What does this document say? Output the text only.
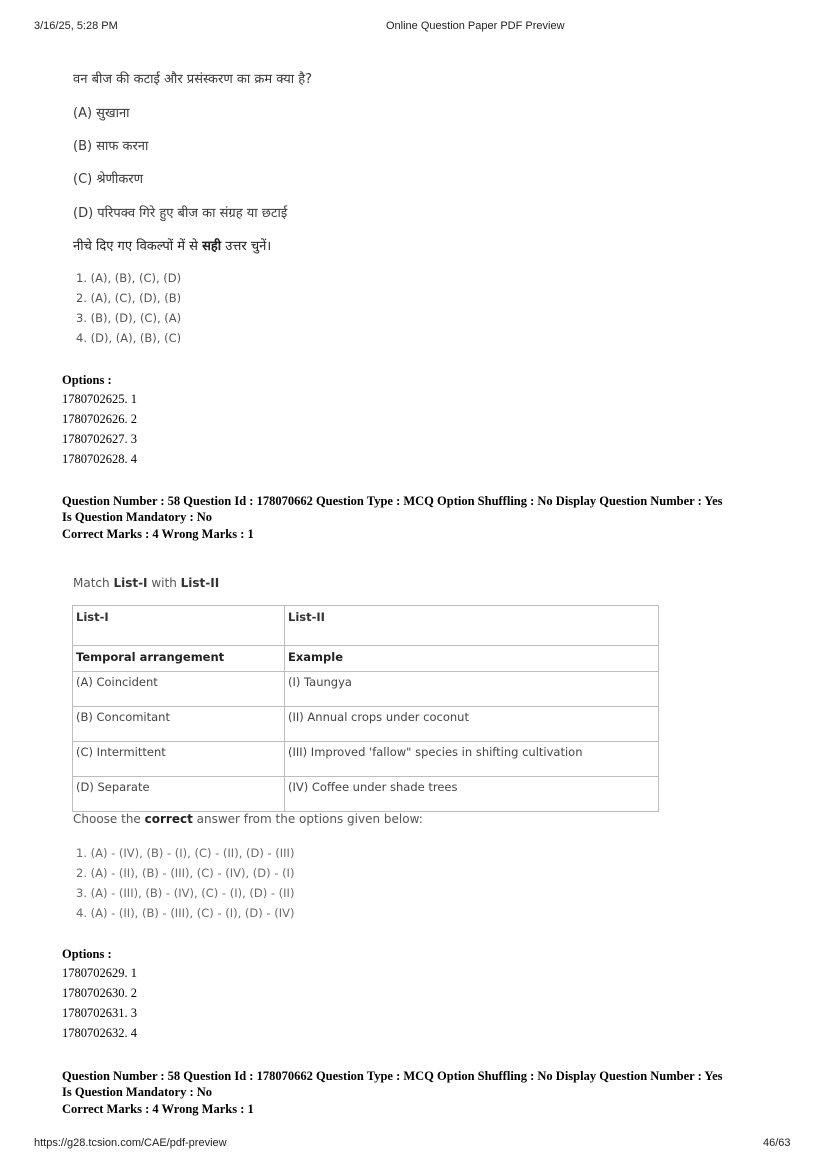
3/16/25, 5:28 PM	Online Question Paper PDF Preview
वन बीज की कटाई और प्रसंस्करण का क्रम क्या है?
(A) सुखाना
(B) साफ करना
(C) श्रेणीकरण
(D) परिपक्व गिरे हुए बीज का संग्रह या छटाई
नीचे दिए गए विकल्पों में से सही उत्तर चुनें।
1. (A), (B), (C), (D)
2. (A), (C), (D), (B)
3. (B), (D), (C), (A)
4. (D), (A), (B), (C)
Options :
1780702625. 1
1780702626. 2
1780702627. 3
1780702628. 4
Question Number : 58 Question Id : 178070662 Question Type : MCQ Option Shuffling : No Display Question Number : Yes
Is Question Mandatory : No
Correct Marks : 4 Wrong Marks : 1
Match List-I with List-II
List-I	List-II
Temporal arrangement	Example
(A) Coincident	(I) Taungya
(B) Concomitant	(II) Annual crops under coconut
(C) Intermittent	(III) Improved 'fallow" species in shifting cultivation
(D) Separate	(IV) Coffee under shade trees
Choose the correct answer from the options given below:
1. (A) - (IV), (B) - (I), (C) - (II), (D) - (III)
2. (A) - (II), (B) - (III), (C) - (IV), (D) - (I)
3. (A) - (III), (B) - (IV), (C) - (I), (D) - (II)
4. (A) - (II), (B) - (III), (C) - (I), (D) - (IV)
Options :
1780702629. 1
1780702630. 2
1780702631. 3
1780702632. 4
Question Number : 58 Question Id : 178070662 Question Type : MCQ Option Shuffling : No Display Question Number : Yes
Is Question Mandatory : No
Correct Marks : 4 Wrong Marks : 1
https://g28.tcsion.com/CAE/pdf-preview	46/63
